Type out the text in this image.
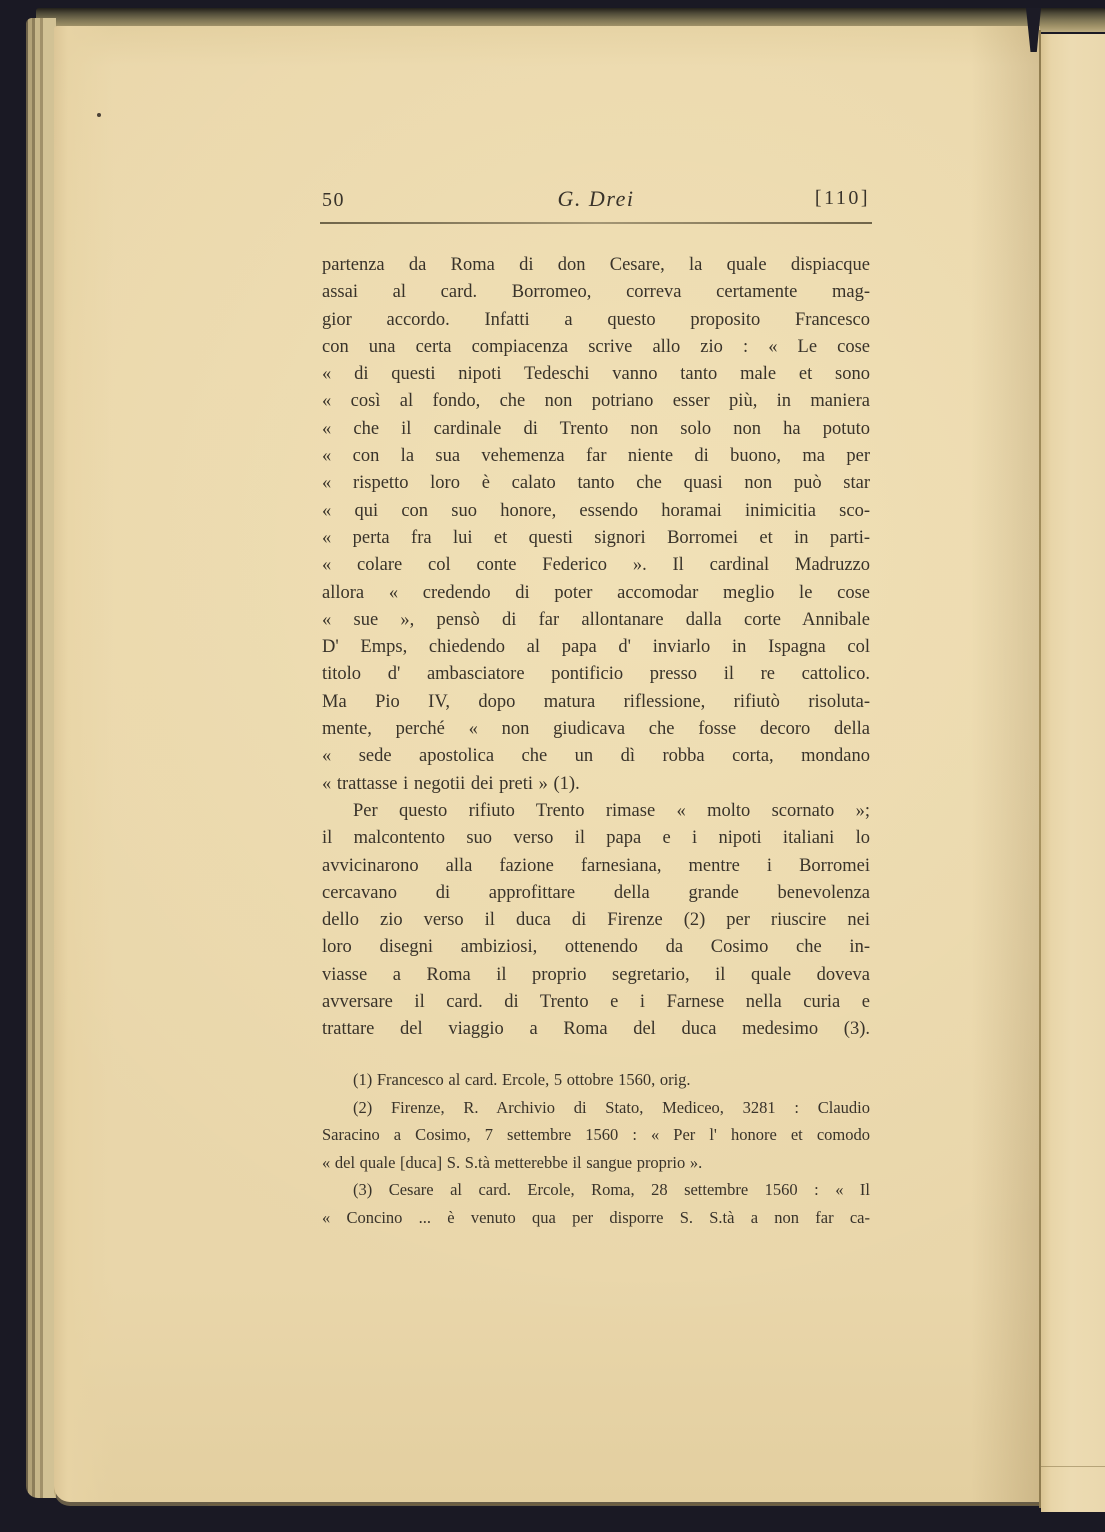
50	G. Drei	[110]
partenza da Roma di don Cesare, la quale dispiacque
assai al card. Borromeo, correva certamente mag-
gior accordo. Infatti a questo proposito Francesco
con una certa compiacenza scrive allo zio : « Le cose
« di questi nipoti Tedeschi vanno tanto male et sono
« così al fondo, che non potriano esser più, in maniera
« che il cardinale di Trento non solo non ha potuto
« con la sua vehemenza far niente di buono, ma per
« rispetto loro è calato tanto che quasi non può star
« qui con suo honore, essendo horamai inimicitia sco-
« perta fra lui et questi signori Borromei et in parti-
« colare col conte Federico ». Il cardinal Madruzzo
allora « credendo di poter accomodar meglio le cose
« sue », pensò di far allontanare dalla corte Annibale
D' Emps, chiedendo al papa d' inviarlo in Ispagna col
titolo d' ambasciatore pontificio presso il re cattolico.
Ma Pio IV, dopo matura riflessione, rifiutò risoluta-
mente, perché « non giudicava che fosse decoro della
« sede apostolica che un dì robba corta, mondano
« trattasse i negotii dei preti » (1).
Per questo rifiuto Trento rimase « molto scornato »;
il malcontento suo verso il papa e i nipoti italiani lo
avvicinarono alla fazione farnesiana, mentre i Borromei
cercavano di approfittare della grande benevolenza
dello zio verso il duca di Firenze (2) per riuscire nei
loro disegni ambiziosi, ottenendo da Cosimo che in-
viasse a Roma il proprio segretario, il quale doveva
avversare il card. di Trento e i Farnese nella curia e
trattare del viaggio a Roma del duca medesimo (3).
(1) Francesco al card. Ercole, 5 ottobre 1560, orig.
(2) Firenze, R. Archivio di Stato, Mediceo, 3281 : Claudio
Saracino a Cosimo, 7 settembre 1560 : « Per l' honore et comodo
« del quale [duca] S. S.tà metterebbe il sangue proprio ».
(3) Cesare al card. Ercole, Roma, 28 settembre 1560 : « Il
« Concino ... è venuto qua per disporre S. S.tà a non far ca-
